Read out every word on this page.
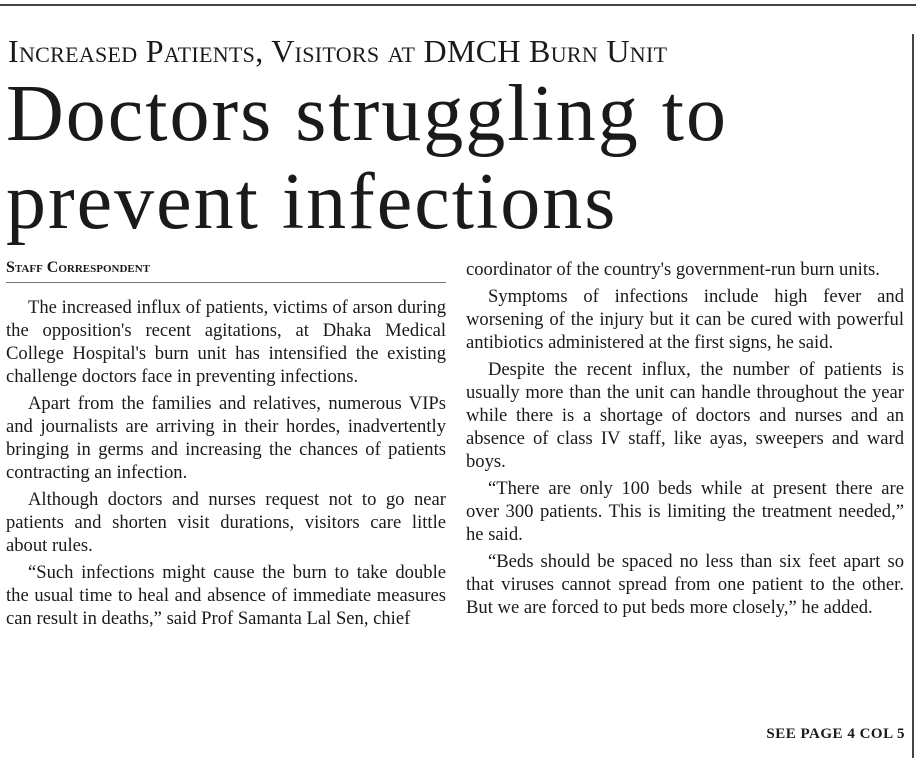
Increased Patients, Visitors at DMCH Burn Unit
Doctors struggling to prevent infections
Staff Correspondent

The increased influx of patients, victims of arson during the opposition's recent agitations, at Dhaka Medical College Hospital's burn unit has intensified the existing challenge doctors face in preventing infections.

Apart from the families and relatives, numerous VIPs and journalists are arriving in their hordes, inadvertently bringing in germs and increasing the chances of patients contracting an infection.

Although doctors and nurses request not to go near patients and shorten visit durations, visitors care little about rules.

“Such infections might cause the burn to take double the usual time to heal and absence of immediate measures can result in deaths,” said Prof Samanta Lal Sen, chief

coordinator of the country's government-run burn units.

Symptoms of infections include high fever and worsening of the injury but it can be cured with powerful antibiotics administered at the first signs, he said.

Despite the recent influx, the number of patients is usually more than the unit can handle throughout the year while there is a shortage of doctors and nurses and an absence of class IV staff, like ayas, sweepers and ward boys.

“There are only 100 beds while at present there are over 300 patients. This is limiting the treatment needed,” he said.

“Beds should be spaced no less than six feet apart so that viruses cannot spread from one patient to the other. But we are forced to put beds more closely,” he added.

SEE PAGE 4 COL 5
